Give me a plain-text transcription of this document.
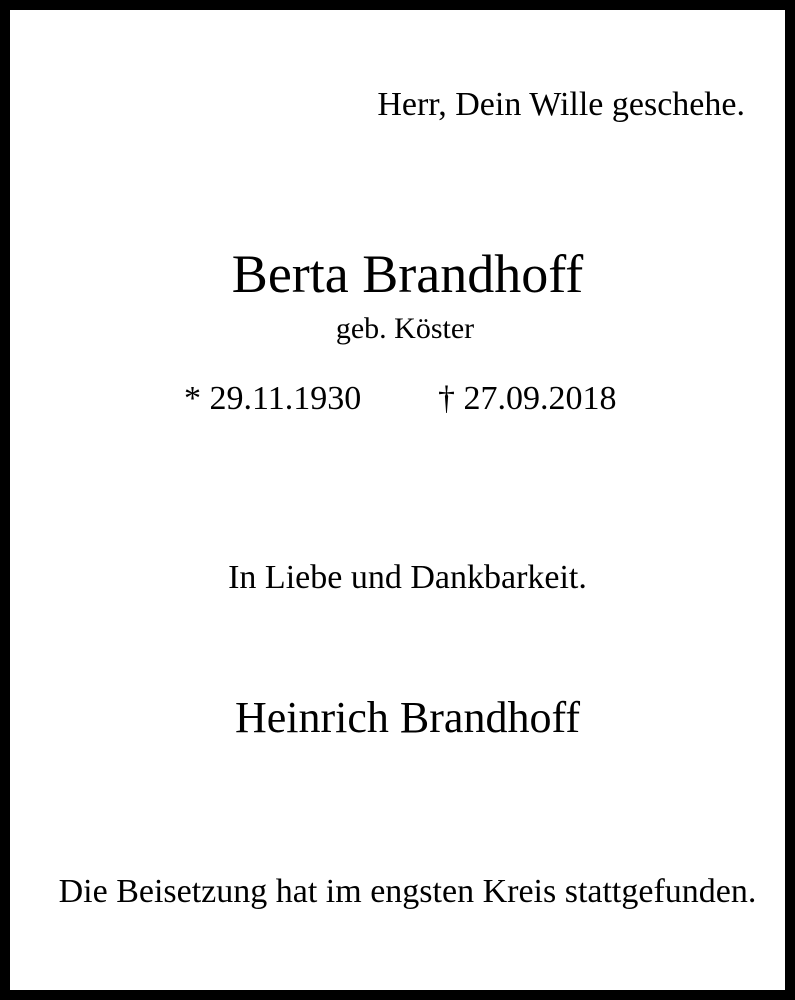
Herr, Dein Wille geschehe.
Berta Brandhoff
geb. Köster
* 29.11.1930 † 27.09.2018
In Liebe und Dankbarkeit.
Heinrich Brandhoff
Die Beisetzung hat im engsten Kreis stattgefunden.
